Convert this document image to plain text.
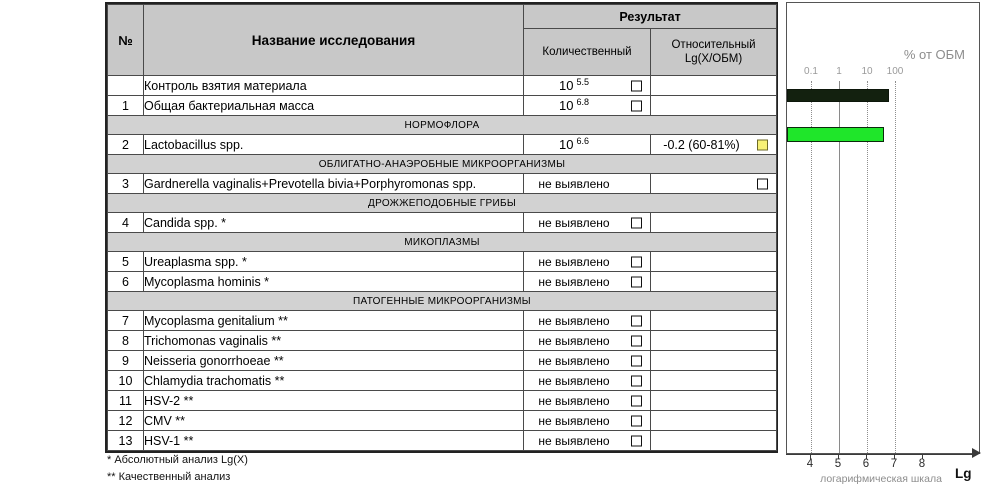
№	Название исследования	Результат	
		Количественный	Относительный
Lg(X/ОБМ)
	Контроль взятия материала	10 5.5	

1	Общая бактериальная масса	10 6.8	

НОРМОФЛОРА			
2	Lactobacillus spp.	10 6.6	-0.2 (60-81%)

ОБЛИГАТНО-АНАЭРОБНЫЕ МИКРООРГАНИЗМЫ			
3	Gardnerella vaginalis+Prevotella bivia+Porphyromonas spp.	не выявлено	

ДРОЖЖЕПОДОБНЫЕ ГРИБЫ			
4	Candida spp. *	не выявлено	

МИКОПЛАЗМЫ			
5	Ureaplasma spp. *	не выявлено	

6	Mycoplasma hominis *	не выявлено	

ПАТОГЕННЫЕ МИКРООРГАНИЗМЫ			
7	Mycoplasma genitalium **	не выявлено	

8	Trichomonas vaginalis **	не выявлено	

9	Neisseria gonorrhoeae **	не выявлено	

10	Chlamydia trachomatis **	не выявлено	

11	HSV-2 **	не выявлено	

12	CMV **	не выявлено	

13	HSV-1 **	не выявлено	

* Абсолютный анализ Lg(X)
** Качественный анализ
% от ОБМ
0.1 1 10 100
4 5 6 7 8
логарифмическая шкала Lg
